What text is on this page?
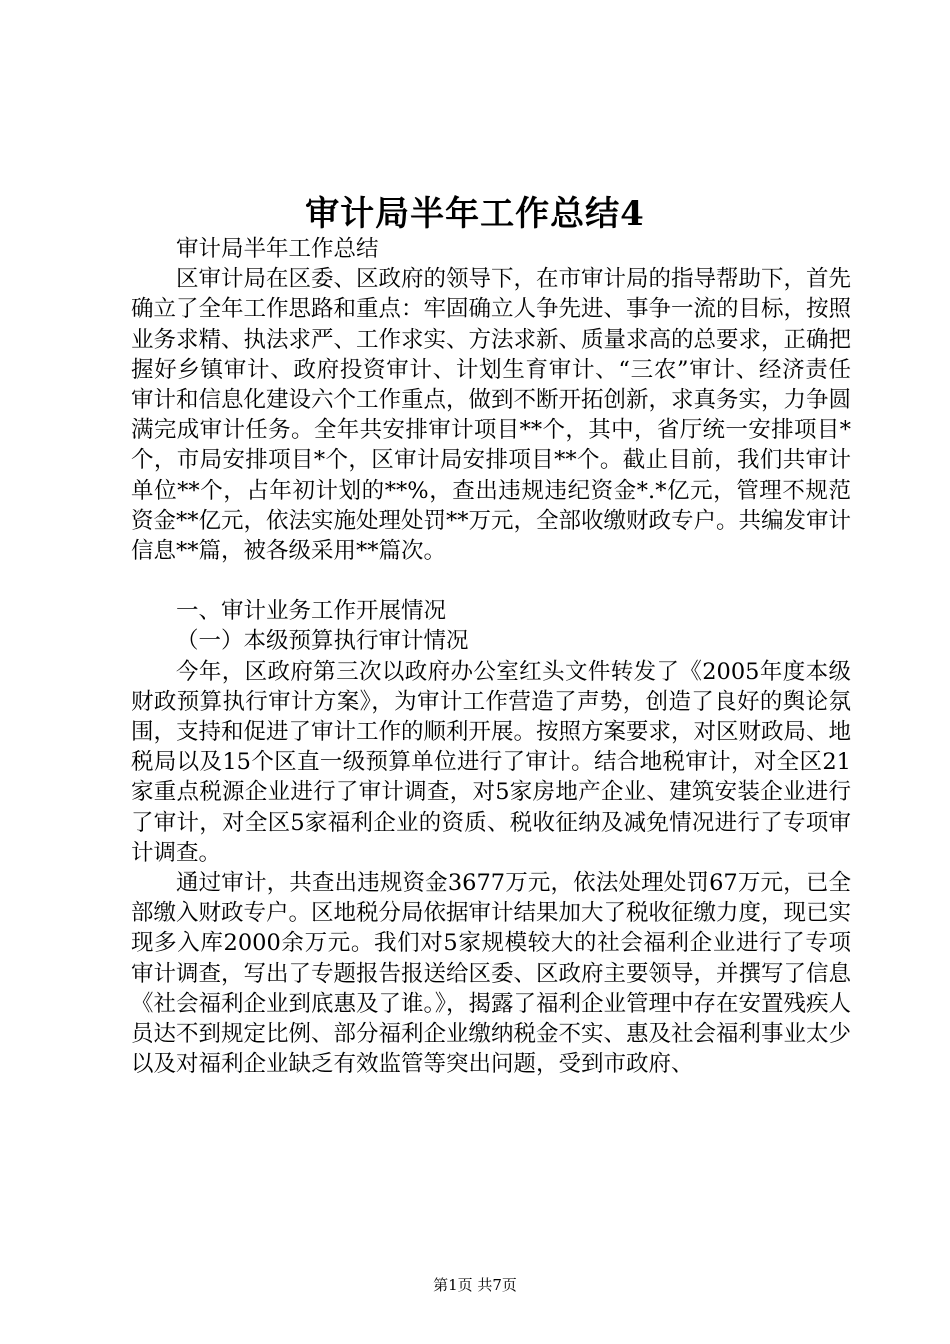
审计局半年工作总结4

审计局半年工作总结

区审计局在区委、区政府的领导下，在市审计局的指导帮助下，首先确立了全年工作思路和重点：牢固确立人争先进、事争一流的目标，按照业务求精、执法求严、工作求实、方法求新、质量求高的总要求，正确把握好乡镇审计、政府投资审计、计划生育审计、“三农”审计、经济责任审计和信息化建设六个工作重点，做到不断开拓创新，求真务实，力争圆满完成审计任务。全年共安排审计项目**个，其中，省厅统一安排项目*个，市局安排项目*个，区审计局安排项目**个。截止目前，我们共审计单位**个，占年初计划的**%，查出违规违纪资金*.*亿元，管理不规范资金**亿元，依法实施处理处罚**万元，全部收缴财政专户。共编发审计信息**篇，被各级采用**篇次。

一、审计业务工作开展情况

（一）本级预算执行审计情况

今年，区政府第三次以政府办公室红头文件转发了《2005年度本级财政预算执行审计方案》，为审计工作营造了声势，创造了良好的舆论氛围，支持和促进了审计工作的顺利开展。按照方案要求，对区财政局、地税局以及15个区直一级预算单位进行了审计。结合地税审计，对全区21家重点税源企业进行了审计调查，对5家房地产企业、建筑安装企业进行了审计，对全区5家福利企业的资质、税收征纳及减免情况进行了专项审计调查。

通过审计，共查出违规资金3677万元，依法处理处罚67万元，已全部缴入财政专户。区地税分局依据审计结果加大了税收征缴力度，现已实现多入库2000余万元。我们对5家规模较大的社会福利企业进行了专项审计调查，写出了专题报告报送给区委、区政府主要领导，并撰写了信息《社会福利企业到底惠及了谁。》，揭露了福利企业管理中存在安置残疾人员达不到规定比例、部分福利企业缴纳税金不实、惠及社会福利事业太少以及对福利企业缺乏有效监管等突出问题，受到市政府、

第1页 共7页
